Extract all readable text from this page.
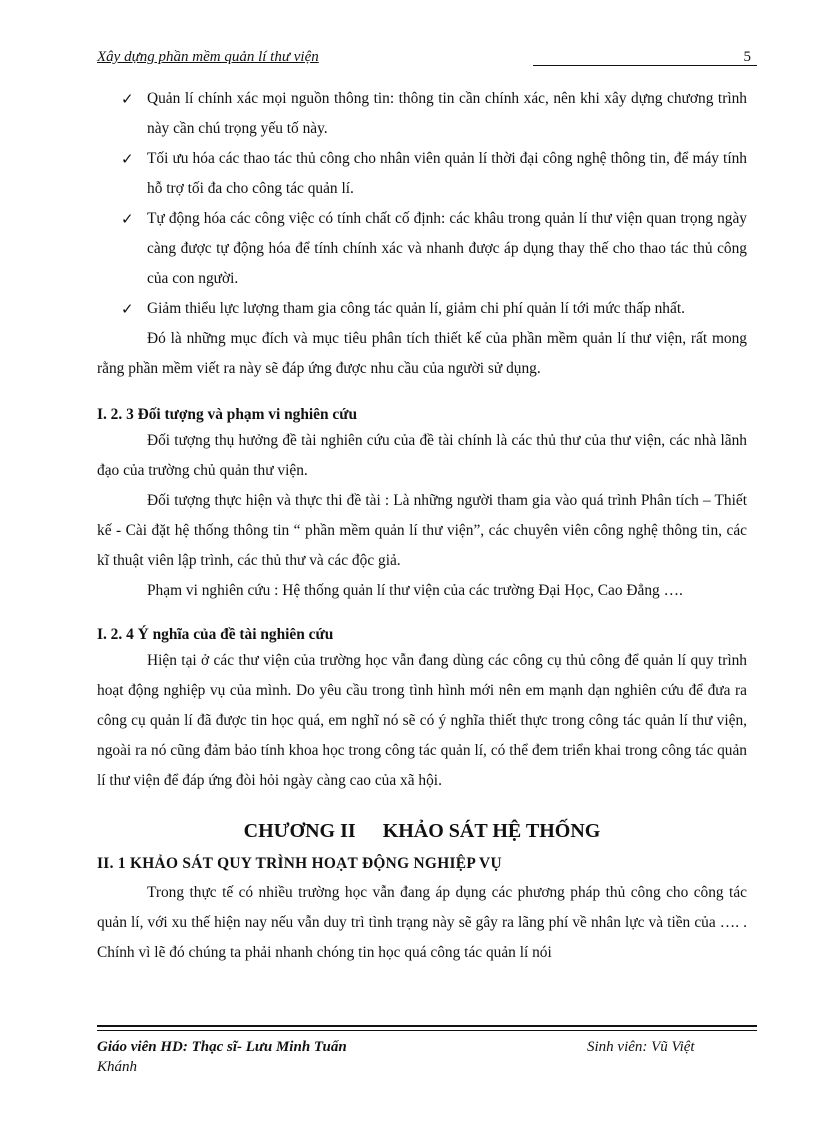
Xây dựng phần mềm quản lí thư viện	5
✓ Quản lí chính xác mọi nguồn thông tin: thông tin cần chính xác, nên khi xây dựng chương trình này cần chú trọng yếu tố này.
✓ Tối ưu hóa các thao tác thủ công cho nhân viên quản lí thời đại công nghệ thông tin, để máy tính hỗ trợ tối đa cho công tác quản lí.
✓ Tự động hóa các công việc có tính chất cố định: các khâu trong quản lí thư viện quan trọng ngày càng được tự động hóa để tính chính xác và nhanh được áp dụng thay thế cho thao tác thủ công của con người.
✓ Giảm thiểu lực lượng tham gia công tác quản lí, giảm chi phí quản lí tới mức thấp nhất.

Đó là những mục đích và mục tiêu phân tích thiết kế của phần mềm quản lí thư viện, rất mong rằng phần mềm viết ra này sẽ đáp ứng được nhu cầu của người sử dụng.

I. 2. 3 Đối tượng và phạm vi nghiên cứu

Đối tượng thụ hưởng đề tài nghiên cứu của đề tài chính là các thủ thư của thư viện, các nhà lãnh đạo của trường chủ quản thư viện.

Đối tượng thực hiện và thực thi đề tài : Là những người tham gia vào quá trình Phân tích – Thiết kế - Cài đặt hệ thống thông tin “ phần mềm quản lí thư viện”, các chuyên viên công nghệ thông tin, các kĩ thuật viên lập trình, các thủ thư và các độc giả.

Phạm vi nghiên cứu : Hệ thống quản lí thư viện của các trường Đại Học, Cao Đẳng ….

I. 2. 4 Ý nghĩa của đề tài nghiên cứu

Hiện tại ở các thư viện của trường học vẫn đang dùng các công cụ thủ công để quản lí quy trình hoạt động nghiệp vụ của mình. Do yêu cầu trong tình hình mới nên em mạnh dạn nghiên cứu để đưa ra công cụ quản lí đã được tin học quá, em nghĩ nó sẽ có ý nghĩa thiết thực trong công tác quản lí thư viện, ngoài ra nó cũng đảm bảo tính khoa học trong công tác quản lí, có thể đem triển khai trong công tác quản lí thư viện để đáp ứng đòi hỏi ngày càng cao của xã hội.

CHƯƠNG II KHẢO SÁT HỆ THỐNG
II. 1 KHẢO SÁT QUY TRÌNH HOẠT ĐỘNG NGHIỆP VỤ

Trong thực tế có nhiều trường học vẫn đang áp dụng các phương pháp thủ công cho công tác quản lí, với xu thế hiện nay nếu vẫn duy trì tình trạng này sẽ gây ra lãng phí về nhân lực và tiền của …. . Chính vì lẽ đó chúng ta phải nhanh chóng tin học quá công tác quản lí nói

Giáo viên HD: Thạc sĩ- Lưu Minh Tuấn	Sinh viên: Vũ Việt
Khánh
